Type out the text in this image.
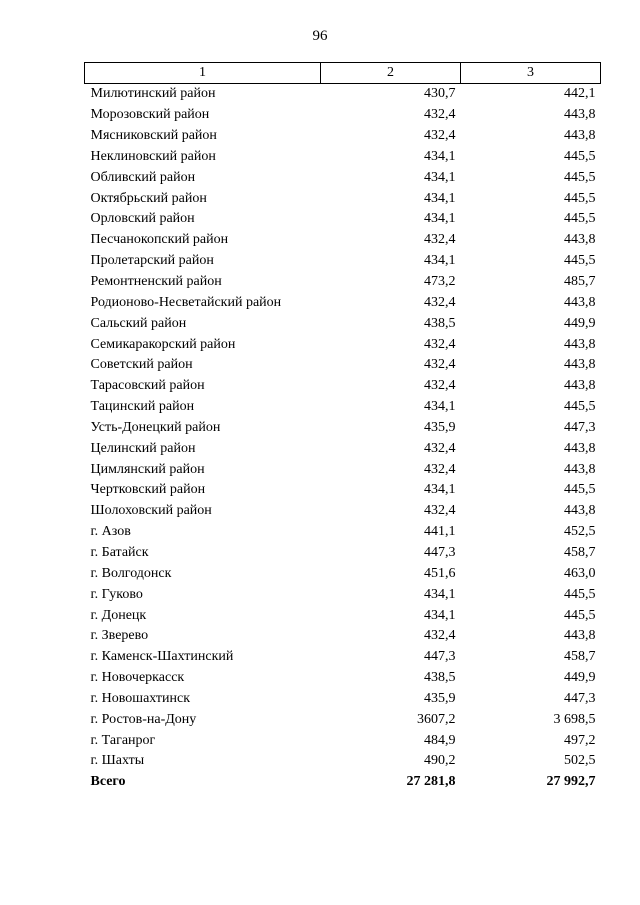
96
1	2	3
Милютинский район	430,7	442,1
Морозовский район	432,4	443,8
Мясниковский район	432,4	443,8
Неклиновский район	434,1	445,5
Обливский район	434,1	445,5
Октябрьский район	434,1	445,5
Орловский район	434,1	445,5
Песчанокопский район	432,4	443,8
Пролетарский район	434,1	445,5
Ремонтненский район	473,2	485,7
Родионово-Несветайский район	432,4	443,8
Сальский район	438,5	449,9
Семикаракорский район	432,4	443,8
Советский район	432,4	443,8
Тарасовский район	432,4	443,8
Тацинский район	434,1	445,5
Усть-Донецкий район	435,9	447,3
Целинский район	432,4	443,8
Цимлянский район	432,4	443,8
Чертковский район	434,1	445,5
Шолоховский район	432,4	443,8
г. Азов	441,1	452,5
г. Батайск	447,3	458,7
г. Волгодонск	451,6	463,0
г. Гуково	434,1	445,5
г. Донецк	434,1	445,5
г. Зверево	432,4	443,8
г. Каменск-Шахтинский	447,3	458,7
г. Новочеркасск	438,5	449,9
г. Новошахтинск	435,9	447,3
г. Ростов-на-Дону	3607,2	3 698,5
г. Таганрог	484,9	497,2
г. Шахты	490,2	502,5
Всего	27 281,8	27 992,7
